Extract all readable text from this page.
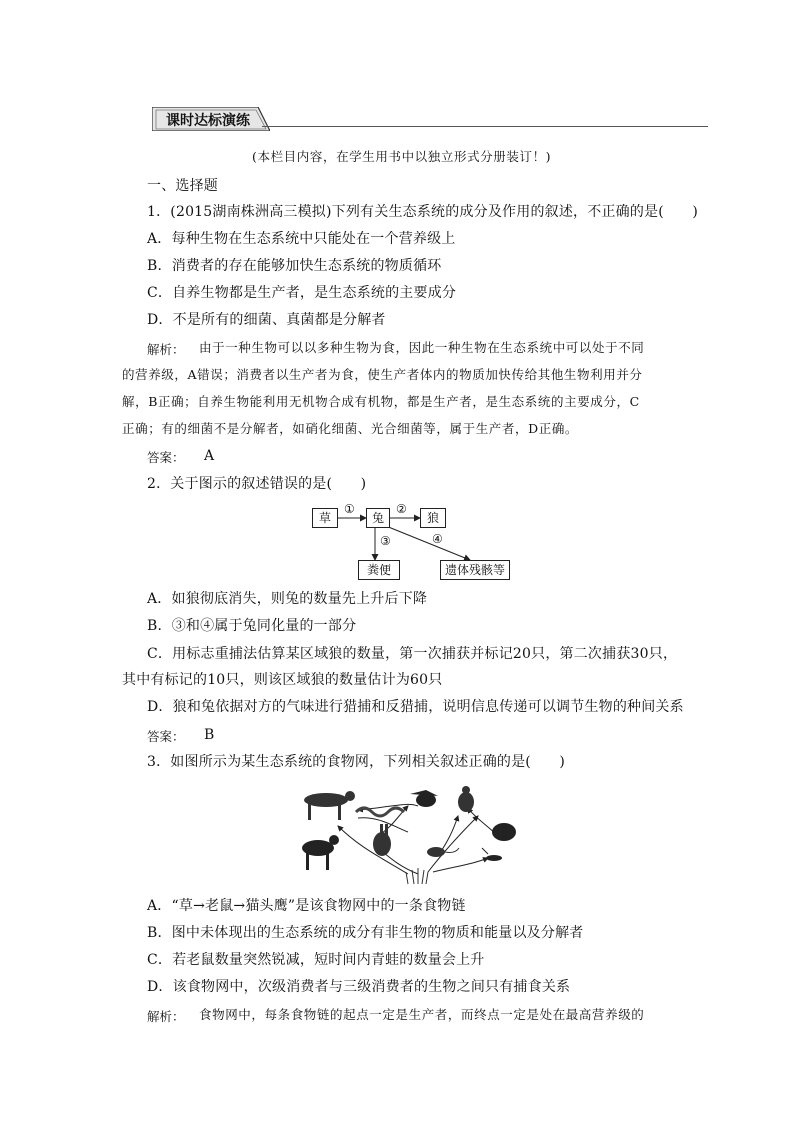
课时达标演练
(本栏目内容，在学生用书中以独立形式分册装订！)
一、选择题
1．(2015湖南株洲高三模拟)下列有关生态系统的成分及作用的叙述，不正确的是(　　)
A．每种生物在生态系统中只能处在一个营养级上
B．消费者的存在能够加快生态系统的物质循环
C．自养生物都是生产者，是生态系统的主要成分
D．不是所有的细菌、真菌都是分解者
解析： 由于一种生物可以以多种生物为食，因此一种生物在生态系统中可以处于不同
的营养级，A错误；消费者以生产者为食，使生产者体内的物质加快传给其他生物利用并分
解，B正确；自养生物能利用无机物合成有机物，都是生产者，是生态系统的主要成分，C
正确；有的细菌不是分解者，如硝化细菌、光合细菌等，属于生产者，D正确。
答案： A
2．关于图示的叙述错误的是(　　)
草	兔	狼
粪便	遗体残骸等
①	②
③	④
A．如狼彻底消失，则兔的数量先上升后下降
B．③和④属于兔同化量的一部分
C．用标志重捕法估算某区域狼的数量，第一次捕获并标记20只，第二次捕获30只，
其中有标记的10只，则该区域狼的数量估计为60只
D．狼和兔依据对方的气味进行猎捕和反猎捕，说明信息传递可以调节生物的种间关系
答案： B
3．如图所示为某生态系统的食物网，下列相关叙述正确的是(　　)
A．“草→老鼠→猫头鹰”是该食物网中的一条食物链
B．图中未体现出的生态系统的成分有非生物的物质和能量以及分解者
C．若老鼠数量突然锐减，短时间内青蛙的数量会上升
D．该食物网中，次级消费者与三级消费者的生物之间只有捕食关系
解析： 食物网中，每条食物链的起点一定是生产者，而终点一定是处在最高营养级的
